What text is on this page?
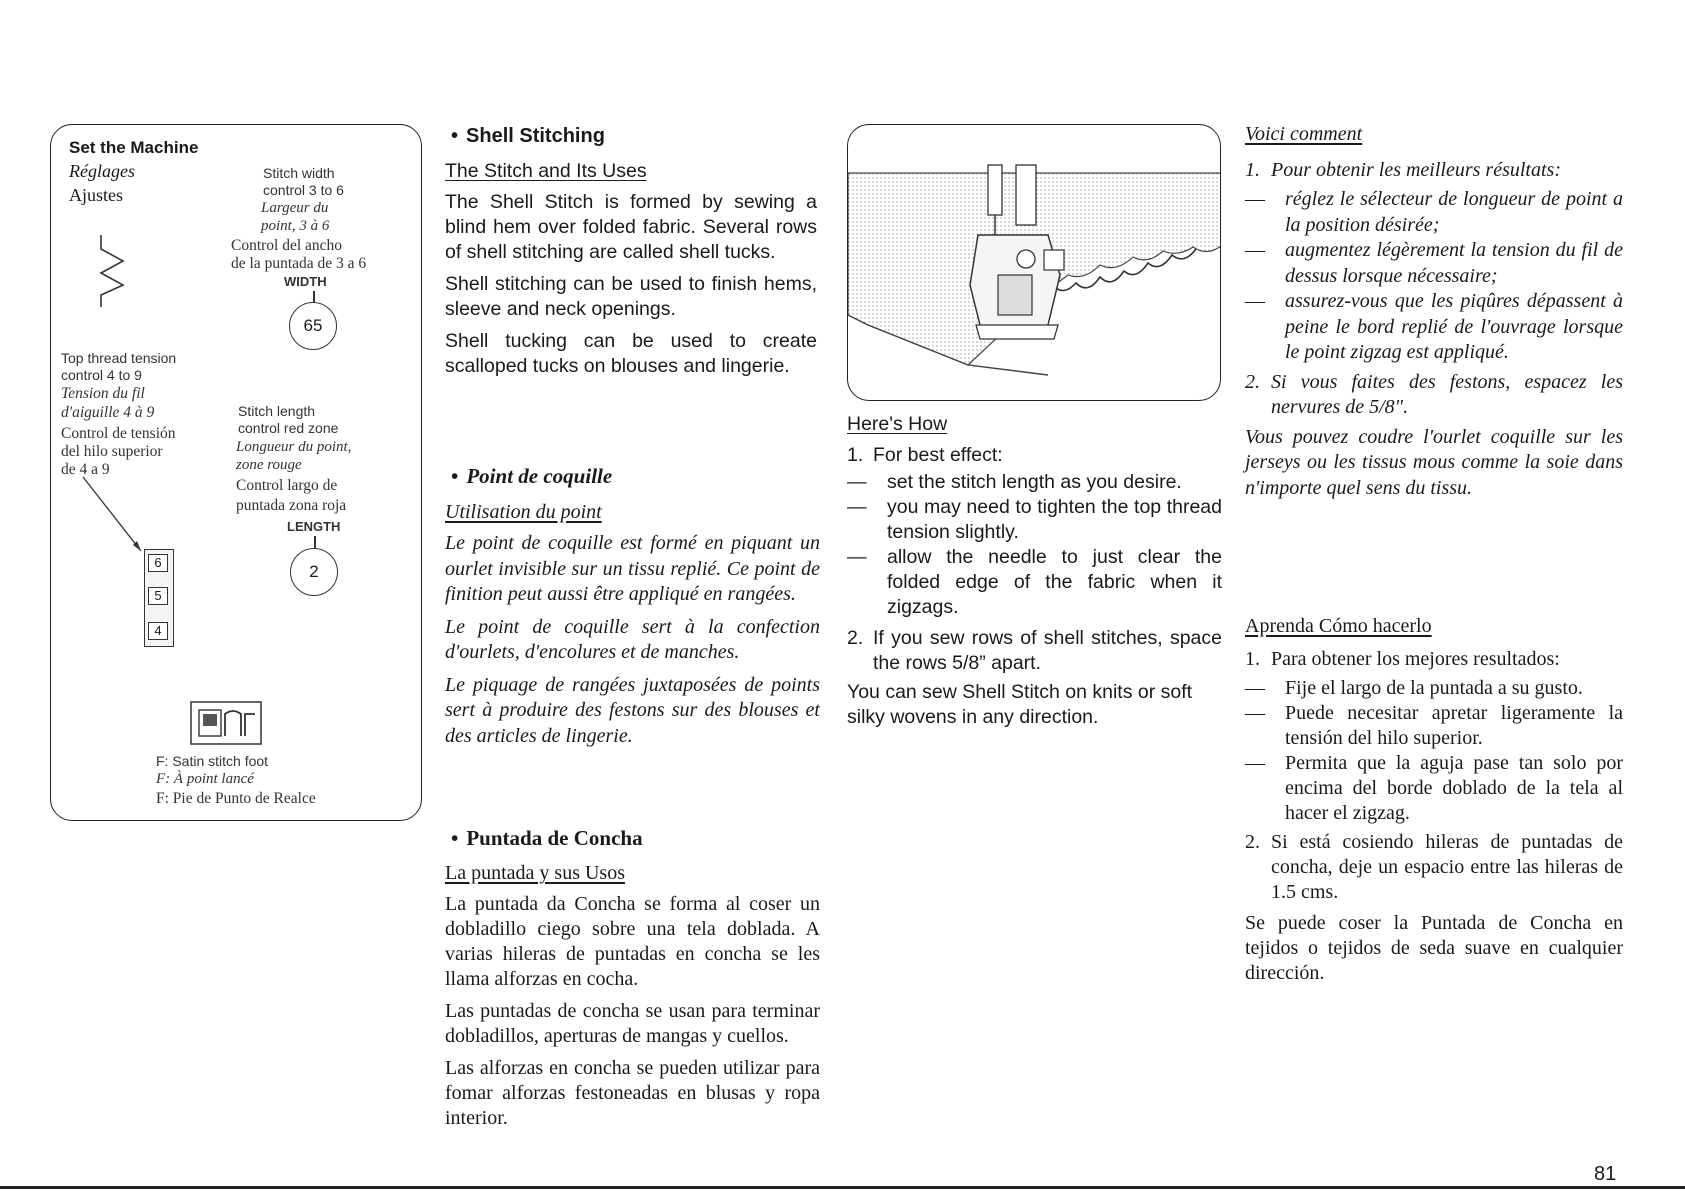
Set the Machine
Réglages
Ajustes
Stitch width
control 3 to 6
Largeur du
point, 3 à 6
Control del ancho
de la puntada de 3 a 6
WIDTH
65
Top thread tension
control 4 to 9
Tension du fil
d'aiguille 4 à 9
Control de tensión
del hilo superior
de 4 a 9
6
5
4
Stitch length
control red zone
Longueur du point,
zone rouge
Control largo de
puntada zona roja
LENGTH
2
F: Satin stitch foot
F: À point lancé
F: Pie de Punto de Realce
• Shell Stitching

The Stitch and Its Uses

The Shell Stitch is formed by sewing a blind hem over folded fabric. Several rows of shell stitching are called shell tucks.

Shell stitching can be used to finish hems, sleeve and neck openings.

Shell tucking can be used to create scalloped tucks on blouses and lingerie.

• Point de coquille

Utilisation du point

Le point de coquille est formé en piquant un ourlet invisible sur un tissu replié. Ce point de finition peut aussi être appliqué en rangées.

Le point de coquille sert à la confection d'ourlets, d'encolures et de manches.

Le piquage de rangées juxtaposées de points sert à produire des festons sur des blouses et des articles de lingerie.

• Puntada de Concha

La puntada y sus Usos

La puntada da Concha se forma al coser un dobladillo ciego sobre una tela doblada. A varias hileras de puntadas en concha se les llama alforzas en cocha.

Las puntadas de concha se usan para terminar dobladillos, aperturas de mangas y cuellos.

Las alforzas en concha se pueden utilizar para fomar alforzas festoneadas en blusas y ropa interior.

Here's How

1. For best effect:
— set the stitch length as you desire.
— you may need to tighten the top thread tension slightly.
— allow the needle to just clear the folded edge of the fabric when it zigzags.
2. If you sew rows of shell stitches, space the rows 5/8” apart.

You can sew Shell Stitch on knits or soft silky wovens in any direction.

Voici comment

1. Pour obtenir les meilleurs résultats:
— réglez le sélecteur de longueur de point a la position désirée;
— augmentez légèrement la tension du fil de dessus lorsque nécessaire;
— assurez-vous que les piqûres dépassent à peine le bord replié de l'ouvrage lorsque le point zigzag est appliqué.
2. Si vous faites des festons, espacez les nervures de 5/8".

Vous pouvez coudre l'ourlet coquille sur les jerseys ou les tissus mous comme la soie dans n'importe quel sens du tissu.

Aprenda Cómo hacerlo

1. Para obtener los mejores resultados:
— Fije el largo de la puntada a su gusto.
— Puede necesitar apretar ligeramente la tensión del hilo superior.
— Permita que la aguja pase tan solo por encima del borde doblado de la tela al hacer el zigzag.
2. Si está cosiendo hileras de puntadas de concha, deje un espacio entre las hileras de 1.5 cms.

Se puede coser la Puntada de Concha en tejidos o tejidos de seda suave en cualquier dirección.

81
